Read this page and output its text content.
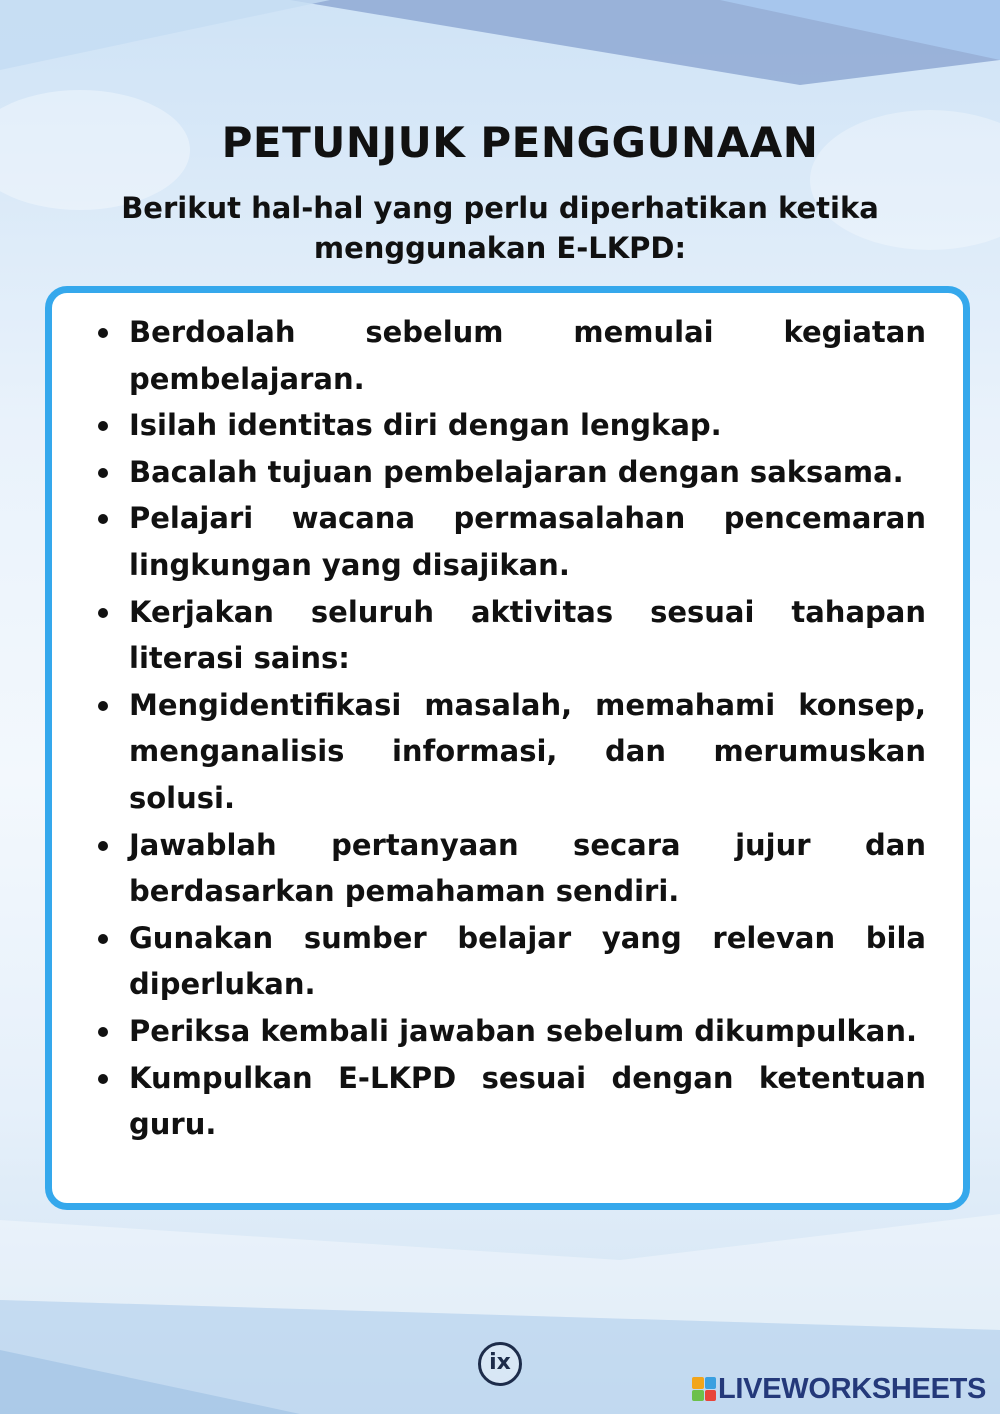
PETUNJUK PENGGUNAAN
Berikut hal-hal yang perlu diperhatikan ketika menggunakan E-LKPD:
Berdoalah sebelum memulai kegiatan pembelajaran.
Isilah identitas diri dengan lengkap.
Bacalah tujuan pembelajaran dengan saksama.
Pelajari wacana permasalahan pencemaran lingkungan yang disajikan.
Kerjakan seluruh aktivitas sesuai tahapan literasi sains:
Mengidentifikasi masalah, memahami konsep, menganalisis informasi, dan merumuskan solusi.
Jawablah pertanyaan secara jujur dan berdasarkan pemahaman sendiri.
Gunakan sumber belajar yang relevan bila diperlukan.
Periksa kembali jawaban sebelum dikumpulkan.
Kumpulkan E-LKPD sesuai dengan ketentuan guru.
ix
LIVEWORKSHEETS
